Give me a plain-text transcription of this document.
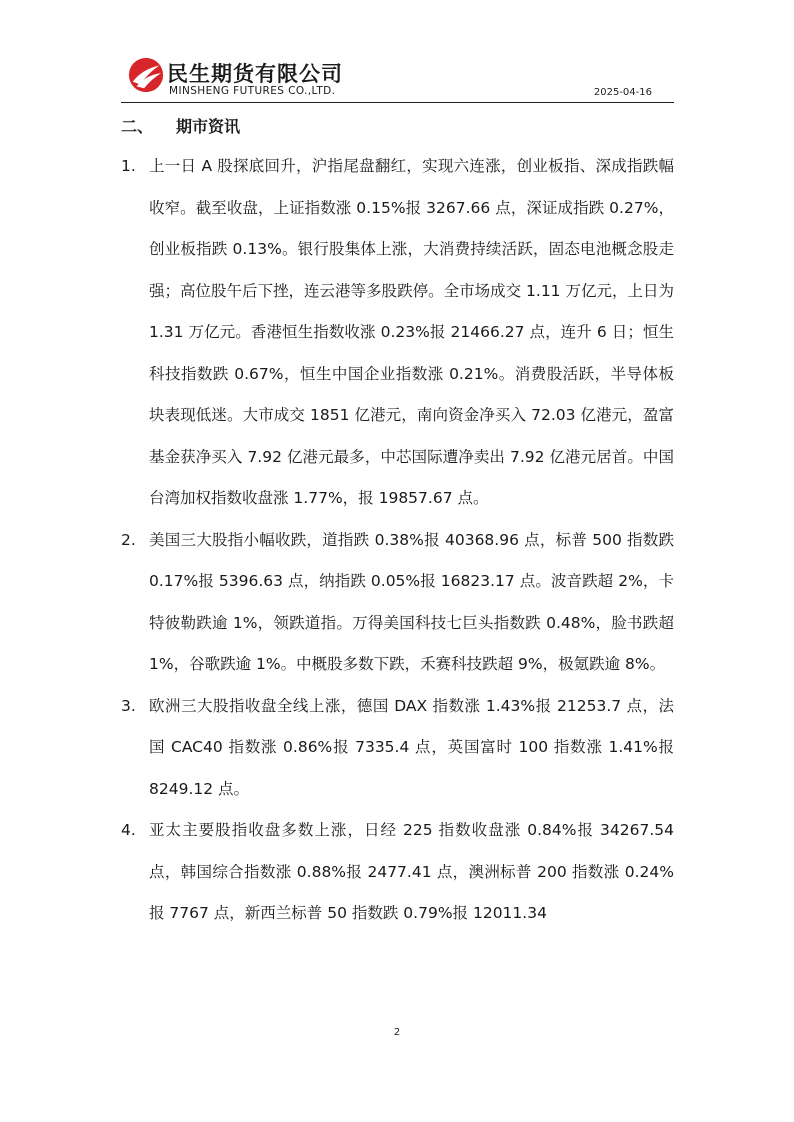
民生期货有限公司
MINSHENG FUTURES CO.,LTD.	2025-04-16
二、 期市资讯
1. 上一日 A 股探底回升，沪指尾盘翻红，实现六连涨，创业板指、深成指跌幅收窄。截至收盘，上证指数涨 0.15%报 3267.66 点，深证成指跌 0.27%，创业板指跌 0.13%。银行股集体上涨，大消费持续活跃，固态电池概念股走强；高位股午后下挫，连云港等多股跌停。全市场成交 1.11 万亿元，上日为 1.31 万亿元。香港恒生指数收涨 0.23%报 21466.27 点，连升 6 日；恒生科技指数跌 0.67%，恒生中国企业指数涨 0.21%。消费股活跃，半导体板块表现低迷。大市成交 1851 亿港元，南向资金净买入 72.03 亿港元，盈富基金获净买入 7.92 亿港元最多，中芯国际遭净卖出 7.92 亿港元居首。中国台湾加权指数收盘涨 1.77%，报 19857.67 点。
2. 美国三大股指小幅收跌，道指跌 0.38%报 40368.96 点，标普 500 指数跌 0.17%报 5396.63 点，纳指跌 0.05%报 16823.17 点。波音跌超 2%，卡特彼勒跌逾 1%，领跌道指。万得美国科技七巨头指数跌 0.48%，脸书跌超 1%，谷歌跌逾 1%。中概股多数下跌，禾赛科技跌超 9%，极氪跌逾 8%。
3. 欧洲三大股指收盘全线上涨，德国 DAX 指数涨 1.43%报 21253.7 点，法国 CAC40 指数涨 0.86%报 7335.4 点，英国富时 100 指数涨 1.41%报 8249.12 点。
4. 亚太主要股指收盘多数上涨，日经 225 指数收盘涨 0.84%报 34267.54 点，韩国综合指数涨 0.88%报 2477.41 点，澳洲标普 200 指数涨 0.24%报 7767 点，新西兰标普 50 指数跌 0.79%报 12011.34
2
